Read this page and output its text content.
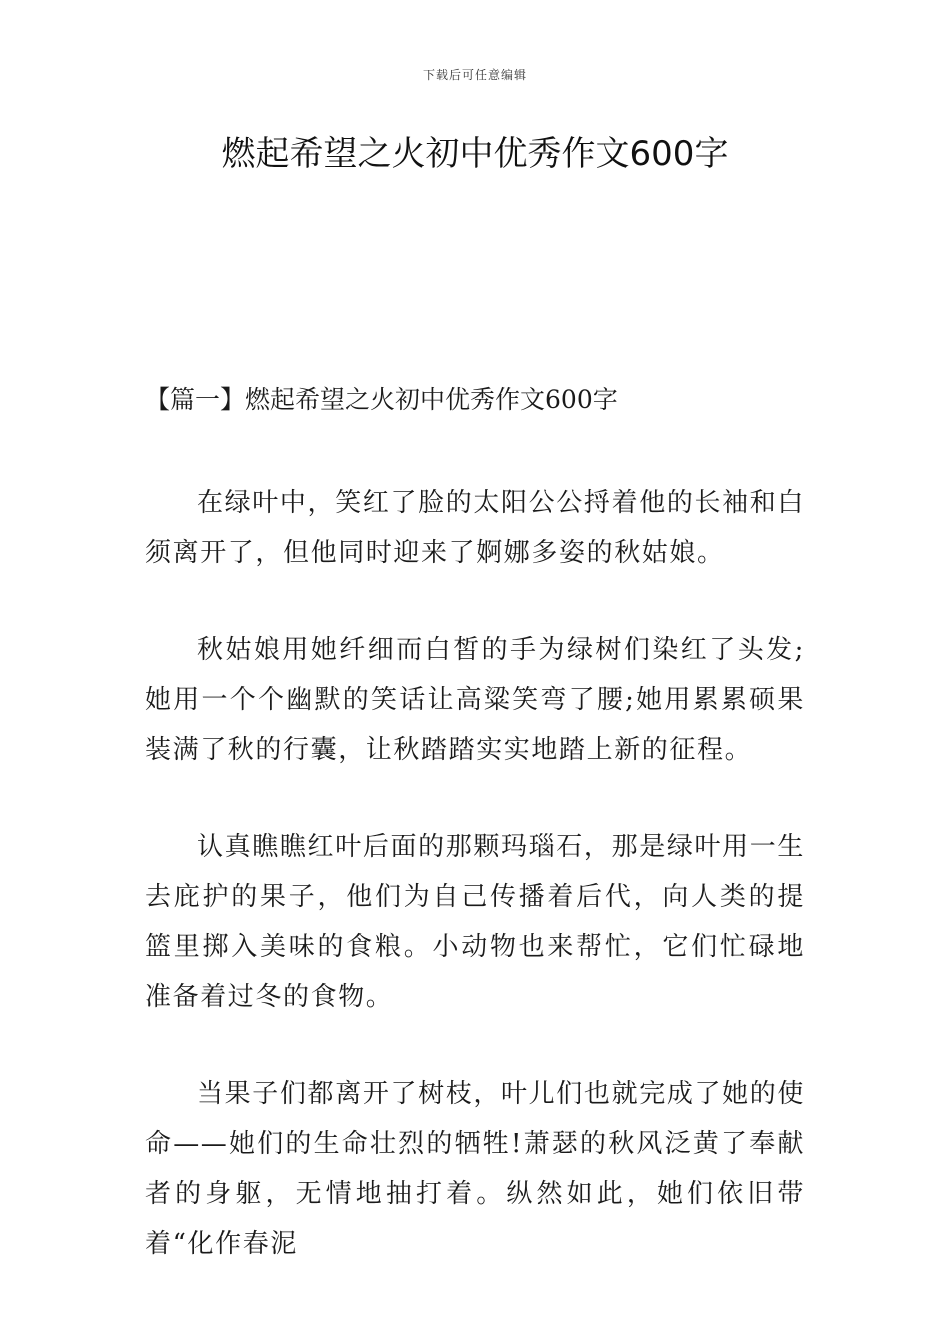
下载后可任意编辑
燃起希望之火初中优秀作文600字
【篇一】燃起希望之火初中优秀作文600字

在绿叶中，笑红了脸的太阳公公捋着他的长袖和白须离开了，但他同时迎来了婀娜多姿的秋姑娘。

秋姑娘用她纤细而白皙的手为绿树们染红了头发;她用一个个幽默的笑话让高粱笑弯了腰;她用累累硕果装满了秋的行囊，让秋踏踏实实地踏上新的征程。

认真瞧瞧红叶后面的那颗玛瑙石，那是绿叶用一生去庇护的果子，他们为自己传播着后代，向人类的提篮里掷入美味的食粮。小动物也来帮忙，它们忙碌地准备着过冬的食物。

当果子们都离开了树枝，叶儿们也就完成了她的使命——她们的生命壮烈的牺牲!萧瑟的秋风泛黄了奉献者的身躯，无情地抽打着。纵然如此，她们依旧带着“化作春泥
